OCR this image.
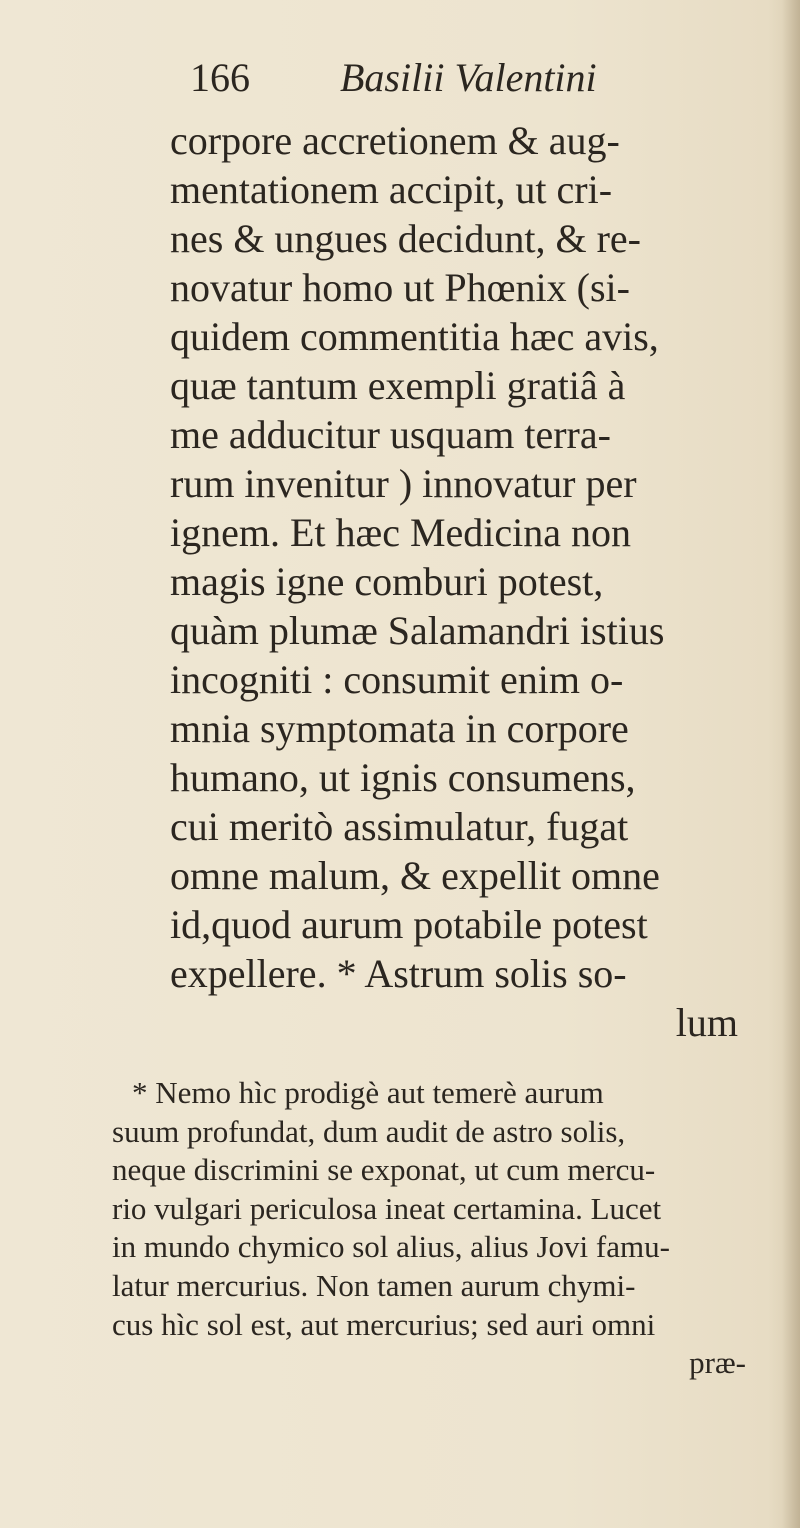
166 Basilii Valentini
corpore accretionem & aug-
mentationem accipit, ut cri-
nes & ungues decidunt, & re-
novatur homo ut Phœnix (si-
quidem commentitia hæc avis,
quæ tantum exempli gratiâ à
me adducitur usquam terra-
rum invenitur ) innovatur per
ignem. Et hæc Medicina non
magis igne comburi potest,
quàm plumæ Salamandri istius
incogniti : consumit enim o-
mnia symptomata in corpore
humano, ut ignis consumens,
cui meritò assimulatur, fugat
omne malum, & expellit omne
id,quod aurum potabile potest
expellere. * Astrum solis so-
lum
* Nemo hìc prodigè aut temerè aurum
suum profundat, dum audit de astro solis,
neque discrimini se exponat, ut cum mercu-
rio vulgari periculosa ineat certamina. Lucet
in mundo chymico sol alius, alius Jovi famu-
latur mercurius. Non tamen aurum chymi-
cus hìc sol est, aut mercurius; sed auri omni
præ-
